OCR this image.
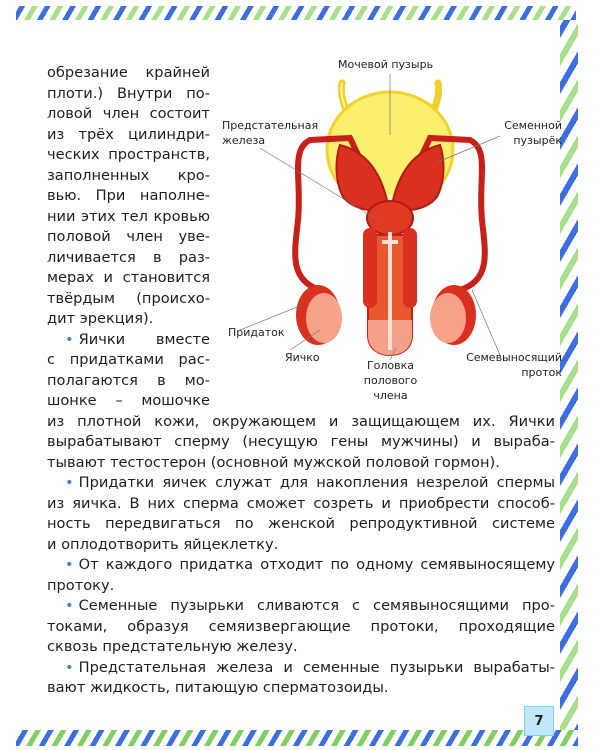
обрезание крайней
плоти.) Внутри по-
ловой член состоит
из трёх цилиндри-
ческих пространств,
заполненных кро-
вью. При наполне-
нии этих тел кровью
половой член уве-
личивается в раз-
мерах и становится
твёрдым (происхо-
дит эрекция).
• Яички вместе
с придатками рас-
полагаются в мо-
шонке – мошочке
из плотной кожи, окружающем и защищающем их. Яички
вырабатывают сперму (несущую гены мужчины) и выраба-
тывают тестостерон (основной мужской половой гормон).
• Придатки яичек служат для накопления незрелой спермы
из яичка. В них сперма сможет созреть и приобрести способ-
ность передвигаться по женской репродуктивной системе
и оплодотворить яйцеклетку.
• От каждого придатка отходит по одному семявыносящему
протоку.
• Семенные пузырьки сливаются с семявыносящими про-
токами, образуя семяизвергающие протоки, проходящие
сквозь предстательную железу.
• Предстательная железа и семенные пузырьки вырабаты-
вают жидкость, питающую сперматозоиды.
Мочевой пузырь
Предстательная
железа
Семенной
пузырёк
Придаток
Яичко
Головка
полового
члена
Семевыносящий
проток
7
